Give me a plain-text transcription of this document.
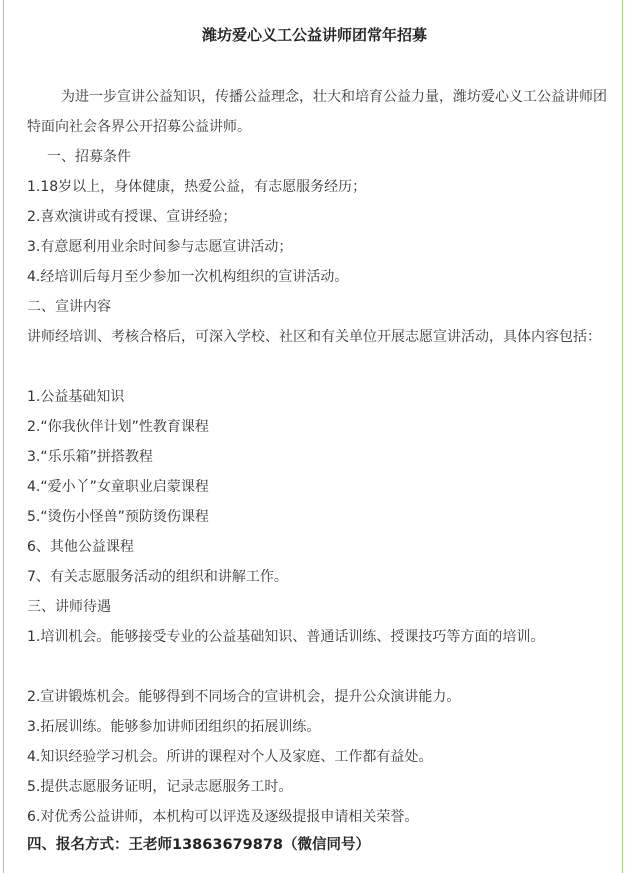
潍坊爱心义工公益讲师团常年招募
为进一步宣讲公益知识，传播公益理念，壮大和培育公益力量，潍坊爱心义工公益讲师团特面向社会各界公开招募公益讲师。
一、招募条件
1.18岁以上，身体健康，热爱公益，有志愿服务经历；
2.喜欢演讲或有授课、宣讲经验；
3.有意愿利用业余时间参与志愿宣讲活动；
4.经培训后每月至少参加一次机构组织的宣讲活动。
二、宣讲内容
讲师经培训、考核合格后，可深入学校、社区和有关单位开展志愿宣讲活动，具体内容包括：
1.公益基础知识
2.“你我伙伴计划”性教育课程
3.“乐乐箱”拼搭教程
4.“爱小丫”女童职业启蒙课程
5.“烫伤小怪兽”预防烫伤课程
6、其他公益课程
7、有关志愿服务活动的组织和讲解工作。
三、讲师待遇
1.培训机会。能够接受专业的公益基础知识、普通话训练、授课技巧等方面的培训。
2.宣讲锻炼机会。能够得到不同场合的宣讲机会，提升公众演讲能力。
3.拓展训练。能够参加讲师团组织的拓展训练。
4.知识经验学习机会。所讲的课程对个人及家庭、工作都有益处。
5.提供志愿服务证明，记录志愿服务工时。
6.对优秀公益讲师，本机构可以评选及逐级提报申请相关荣誉。
四、报名方式：王老师13863679878（微信同号）
